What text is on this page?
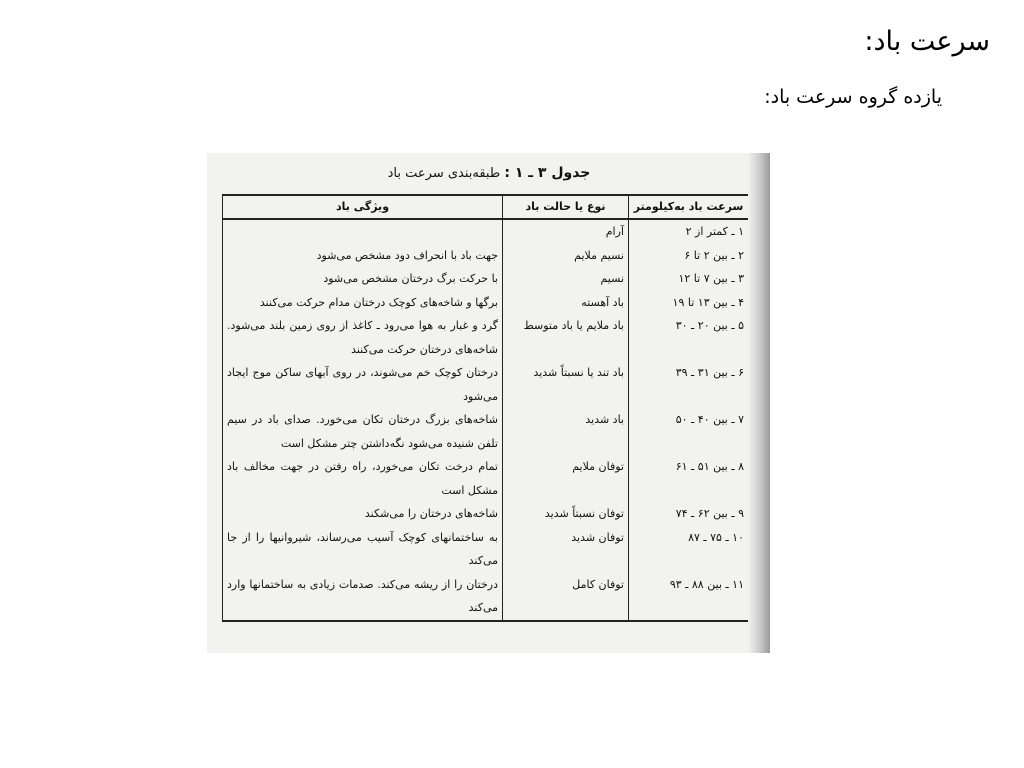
سرعت باد:
یازده گروه سرعت باد:
جدول ۳ ـ ۱ : طبقه‌بندی سرعت باد
سرعت باد به‌کیلومتر	نوع یا حالت باد	ویژگی باد
۱ ـ کمتر از ۲	آرام	
۲ ـ بین ۲ تا ۶	نسیم ملایم	جهت باد با انحراف دود مشخص می‌شود
۳ ـ بین ۷ تا ۱۲	نسیم	با حرکت برگ درختان مشخص می‌شود
۴ ـ بین ۱۳ تا ۱۹	باد آهسته	برگها و شاخه‌های کوچک درختان مدام حرکت می‌کنند
۵ ـ بین ۲۰ ـ ۳۰	باد ملایم یا باد متوسط	گرد و غبار به هوا می‌رود ـ کاغذ از روی زمین بلند می‌شود. شاخه‌های درختان حرکت می‌کنند
۶ ـ بین ۳۱ ـ ۳۹	باد تند یا نسبتاً شدید	درختان کوچک خم می‌شوند، در روی آبهای ساکن موج ایجاد می‌شود
۷ ـ بین ۴۰ ـ ۵۰	باد شدید	شاخه‌های بزرگ درختان تکان می‌خورد. صدای باد در سیم تلفن شنیده می‌شود نگه‌داشتن چتر مشکل است
۸ ـ بین ۵۱ ـ ۶۱	توفان ملایم	تمام درخت تکان می‌خورد، راه رفتن در جهت مخالف باد مشکل است
۹ ـ بین ۶۲ ـ ۷۴	توفان نسبتاً شدید	شاخه‌های درختان را می‌شکند
۱۰ ـ ۷۵ ـ ۸۷	توفان شدید	به ساختمانهای کوچک آسیب می‌رساند، شیروانیها را از جا می‌کند
۱۱ ـ بین ۸۸ ـ ۹۳	توفان کامل	درختان را از ریشه می‌کند. صدمات زیادی به ساختمانها وارد می‌کند
